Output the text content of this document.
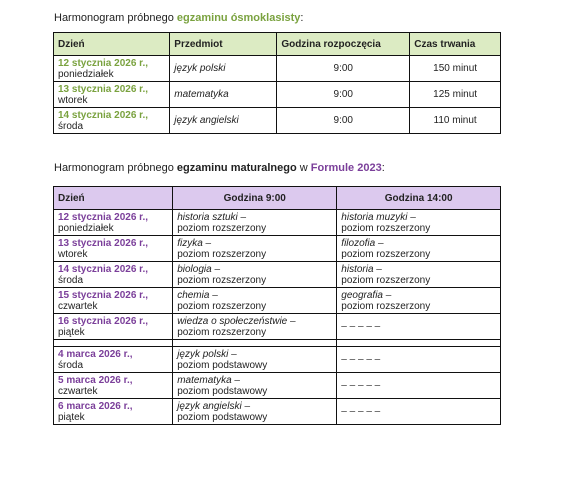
Harmonogram próbnego egzaminu ósmoklasisty:
Dzień	Przedmiot	Godzina rozpoczęcia	Czas trwania

12 stycznia 2026 r.,
poniedziałek	język polski	9:00	150 minut

13 stycznia 2026 r.,
wtorek	matematyka	9:00	125 minut

14 stycznia 2026 r.,
środa	język angielski	9:00	110 minut
Harmonogram próbnego egzaminu maturalnego w Formule 2023:
Dzień	Godzina 9:00	Godzina 14:00

12 stycznia 2026 r.,
poniedziałek	historia sztuki –
poziom rozszerzony	historia muzyki –
poziom rozszerzony

13 stycznia 2026 r.,
wtorek	fizyka –
poziom rozszerzony	filozofia –
poziom rozszerzony

14 stycznia 2026 r.,
środa	biologia –
poziom rozszerzony	historia –
poziom rozszerzony

15 stycznia 2026 r.,
czwartek	chemia –
poziom rozszerzony	geografia –
poziom rozszerzony

16 stycznia 2026 r.,
piątek	wiedza o społeczeństwie –
poziom rozszerzony	– – – – –

4 marca 2026 r.,
środa	język polski –
poziom podstawowy	– – – – –

5 marca 2026 r.,
czwartek	matematyka –
poziom podstawowy	– – – – –

6 marca 2026 r.,
piątek	język angielski –
poziom podstawowy	– – – – –
